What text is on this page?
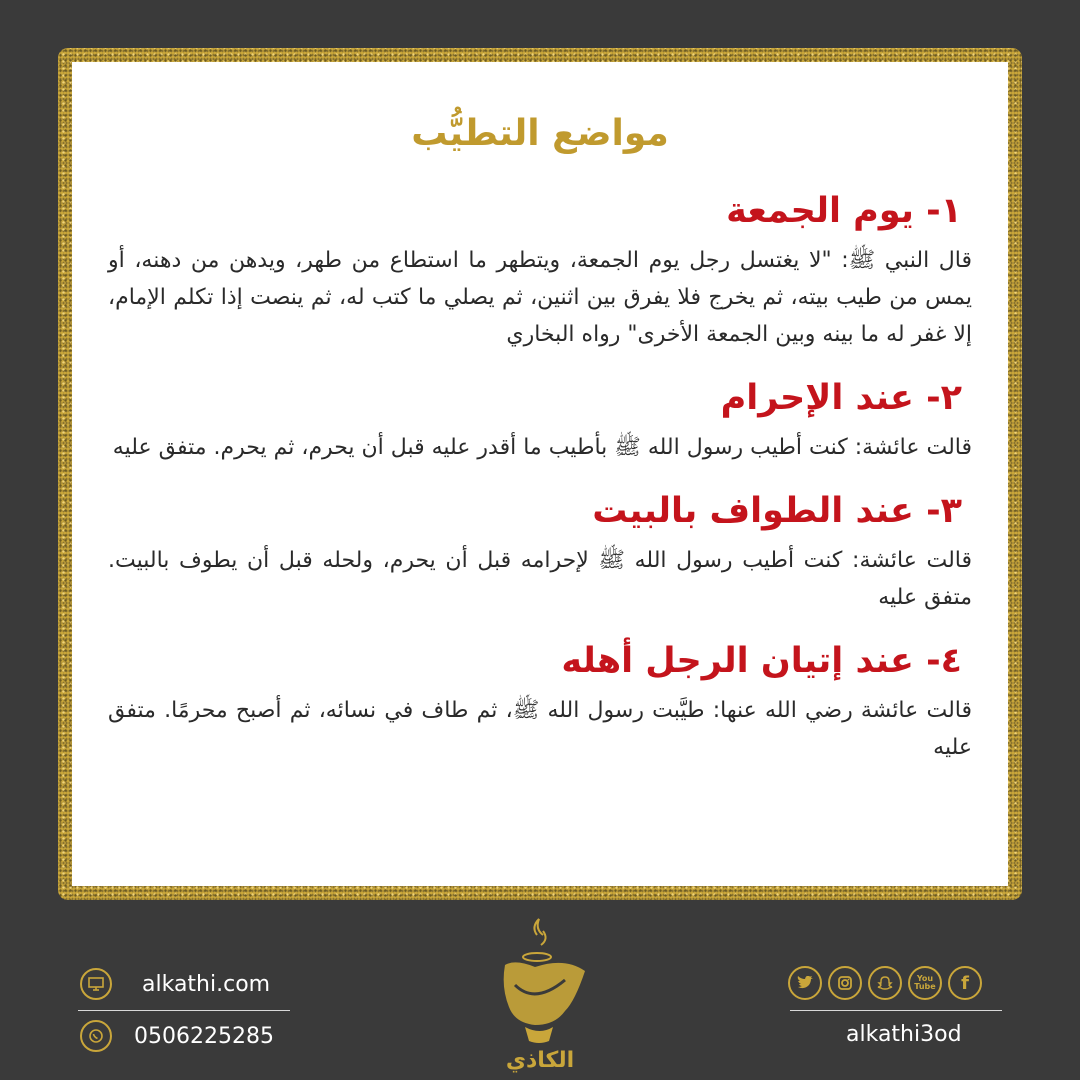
مواضع التطيُّب
١- يوم الجمعة

قال النبي ﷺ: "لا يغتسل رجل يوم الجمعة، ويتطهر ما استطاع من طهر، ويدهن من دهنه، أو يمس من طيب بيته، ثم يخرج فلا يفرق بين اثنين، ثم يصلي ما كتب له، ثم ينصت إذا تكلم الإمام، إلا غفر له ما بينه وبين الجمعة الأخرى" رواه البخاري

٢- عند الإحرام

قالت عائشة: كنت أطيب رسول الله ﷺ بأطيب ما أقدر عليه قبل أن يحرم، ثم يحرم. متفق عليه

٣- عند الطواف بالبيت

قالت عائشة: كنت أطيب رسول الله ﷺ لإحرامه قبل أن يحرم، ولحله قبل أن يطوف بالبيت. متفق عليه

٤- عند إتيان الرجل أهله

قالت عائشة رضي الله عنها: طيَّبت رسول الله ﷺ، ثم طاف في نسائه، ثم أصبح محرمًا. متفق عليه

alkathi.com
0506225285
الكاذي
You Tube f
alkathi3od
